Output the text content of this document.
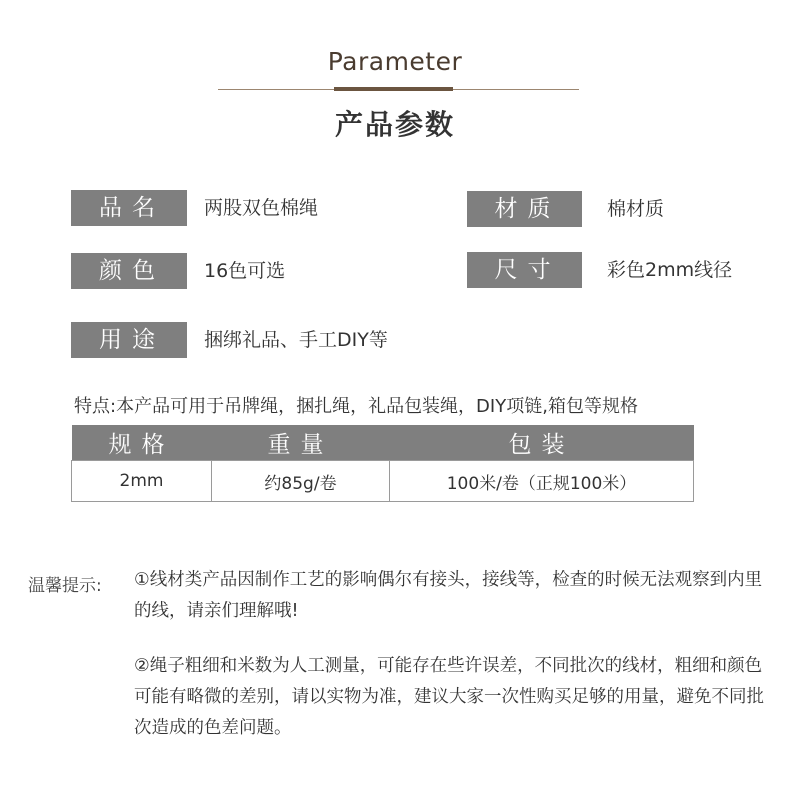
Parameter
产品参数
品名	两股双色棉绳	材质	棉材质
颜色	16色可选	尺寸	彩色2mm线径
用途	捆绑礼品、手工DIY等
特点:本产品可用于吊牌绳，捆扎绳，礼品包装绳，DIY项链,箱包等规格
规格	重量	包装
2mm	约85g/卷	100米/卷（正规100米）
温馨提示: ①线材类产品因制作工艺的影响偶尔有接头，接线等，检查的时候无法观察到内里的线，请亲们理解哦!
②绳子粗细和米数为人工测量，可能存在些许误差，不同批次的线材，粗细和颜色可能有略微的差别，请以实物为准，建议大家一次性购买足够的用量，避免不同批次造成的色差问题。
